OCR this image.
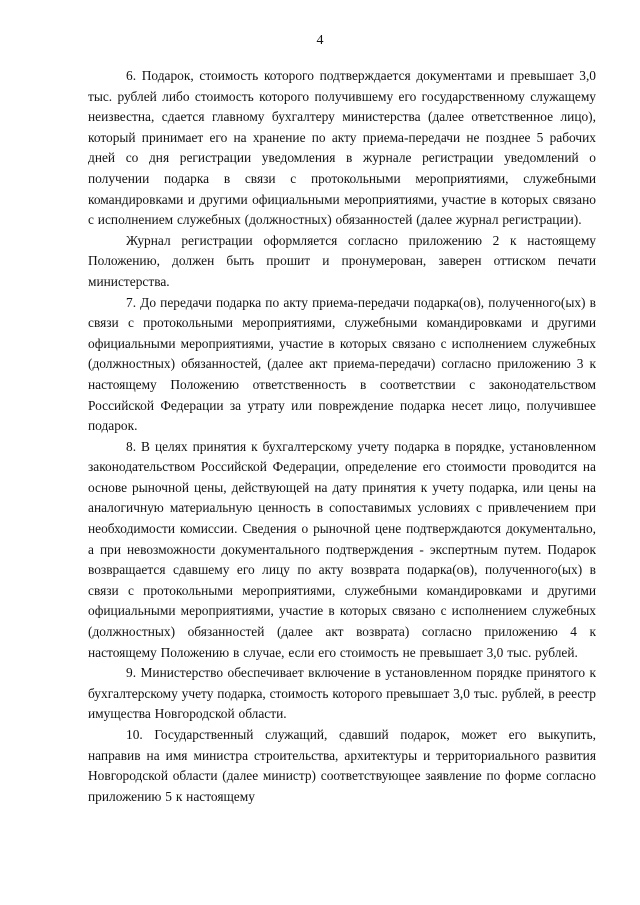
4

6. Подарок, стоимость которого подтверждается документами и превышает 3,0 тыс. рублей либо стоимость которого получившему его государственному служащему неизвестна, сдается главному бухгалтеру министерства (далее ответственное лицо), который принимает его на хранение по акту приема-передачи не позднее 5 рабочих дней со дня регистрации уведомления в журнале регистрации уведомлений о получении подарка в связи с протокольными мероприятиями, служебными командировками и другими официальными мероприятиями, участие в которых связано с исполнением служебных (должностных) обязанностей (далее журнал регистрации).

Журнал регистрации оформляется согласно приложению 2 к настоящему Положению, должен быть прошит и пронумерован, заверен оттиском печати министерства.

7. До передачи подарка по акту приема-передачи подарка(ов), полученного(ых) в связи с протокольными мероприятиями, служебными командировками и другими официальными мероприятиями, участие в которых связано с исполнением служебных (должностных) обязанностей, (далее акт приема-передачи) согласно приложению 3 к настоящему Положению ответственность в соответствии с законодательством Российской Федерации за утрату или повреждение подарка несет лицо, получившее подарок.

8. В целях принятия к бухгалтерскому учету подарка в порядке, установленном законодательством Российской Федерации, определение его стоимости проводится на основе рыночной цены, действующей на дату принятия к учету подарка, или цены на аналогичную материальную ценность в сопоставимых условиях с привлечением при необходимости комиссии. Сведения о рыночной цене подтверждаются документально, а при невозможности документального подтверждения - экспертным путем. Подарок возвращается сдавшему его лицу по акту возврата подарка(ов), полученного(ых) в связи с протокольными мероприятиями, служебными командировками и другими официальными мероприятиями, участие в которых связано с исполнением служебных (должностных) обязанностей (далее акт возврата) согласно приложению 4 к настоящему Положению в случае, если его стоимость не превышает 3,0 тыс. рублей.

9. Министерство обеспечивает включение в установленном порядке принятого к бухгалтерскому учету подарка, стоимость которого превышает 3,0 тыс. рублей, в реестр имущества Новгородской области.

10. Государственный служащий, сдавший подарок, может его выкупить, направив на имя министра строительства, архитектуры и территориального развития Новгородской области (далее министр) соответствующее заявление по форме согласно приложению 5 к настоящему
